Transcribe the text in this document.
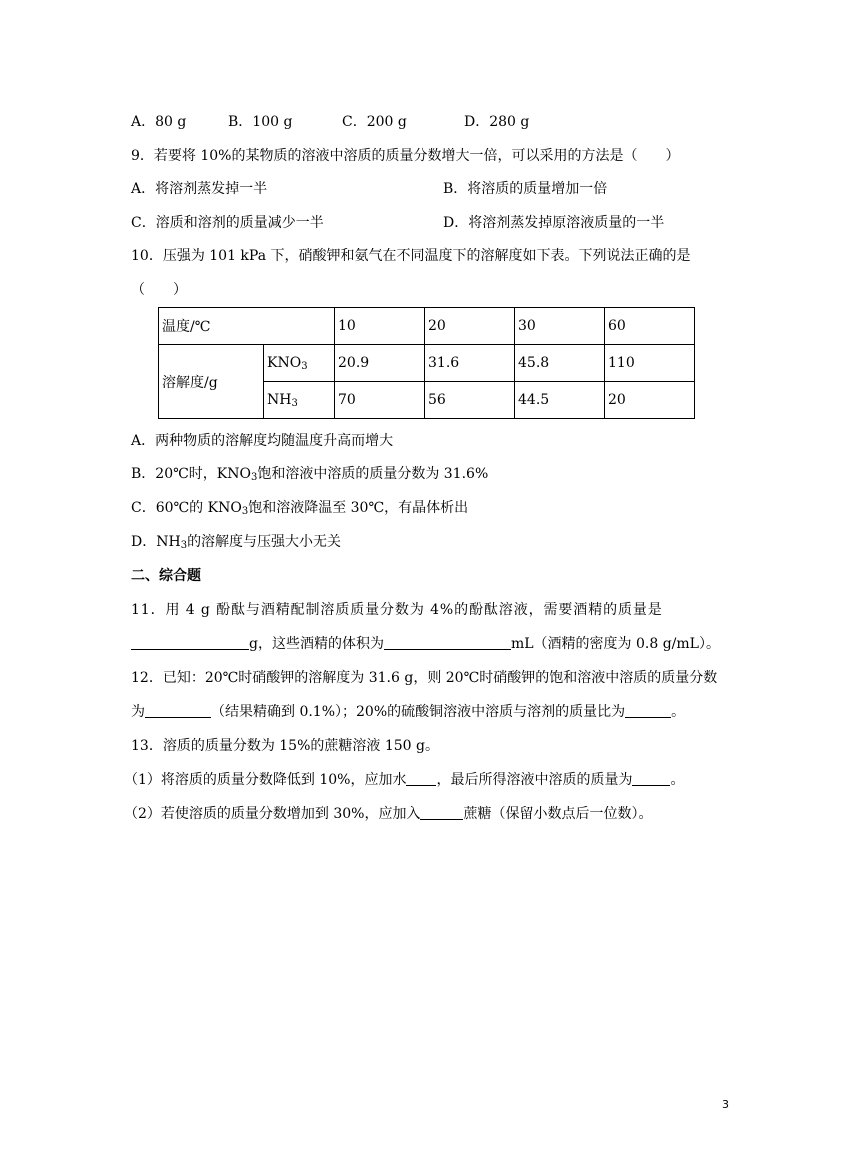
A．80 g	B．100 g	C．200 g	D．280 g
9．若要将 10%的某物质的溶液中溶质的质量分数增大一倍，可以采用的方法是（　　）
A．将溶剂蒸发掉一半	B．将溶质的质量增加一倍
C．溶质和溶剂的质量减少一半	D．将溶剂蒸发掉原溶液质量的一半
10．压强为 101 kPa 下，硝酸钾和氨气在不同温度下的溶解度如下表。下列说法正确的是
（　　）
温度/℃		10	20	30	60
溶解度/g	$KNO_3$	20.9	31.6	45.8	110
	$NH_3$	70	56	44.5	20
A．两种物质的溶解度均随温度升高而增大
B．20℃时，$KNO_3$饱和溶液中溶质的质量分数为 31.6%
C．60℃的 $KNO_3$饱和溶液降温至 30℃，有晶体析出
D．$NH_3$的溶解度与压强大小无关
二、综合题
11．用 4 g 酚酞与酒精配制溶质质量分数为 4%的酚酞溶液，需要酒精的质量是
g，这些酒精的体积为	mL（酒精的密度为 0.8 g/mL）。
12．已知：20℃时硝酸钾的溶解度为 31.6 g，则 20℃时硝酸钾的饱和溶液中溶质的质量分数
为	（结果精确到 0.1%）；20%的硫酸铜溶液中溶质与溶剂的质量比为	。
13．溶质的质量分数为 15%的蔗糖溶液 150 g。
（1）将溶质的质量分数降低到 10%，应加水 ，最后所得溶液中溶质的质量为	。
（2）若使溶质的质量分数增加到 30%，应加入	蔗糖（保留小数点后一位数）。
3
